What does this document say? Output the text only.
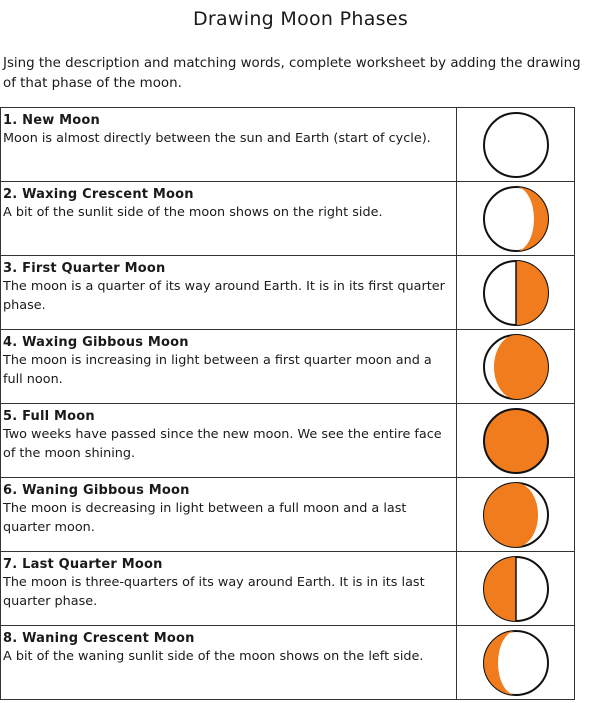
Drawing Moon Phases
Jsing the description and matching words, complete worksheet by adding the drawing of that phase of the moon.
1. New Moon
Moon is almost directly between the sun and Earth (start of cycle).

2. Waxing Crescent Moon
A bit of the sunlit side of the moon shows on the right side.

3. First Quarter Moon
The moon is a quarter of its way around Earth. It is in its first quarter phase.

4. Waxing Gibbous Moon
The moon is increasing in light between a first quarter moon and a full noon.

5. Full Moon
Two weeks have passed since the new moon. We see the entire face of the moon shining.

6. Waning Gibbous Moon
The moon is decreasing in light between a full moon and a last quarter moon.

7. Last Quarter Moon
The moon is three-quarters of its way around Earth. It is in its last quarter phase.

8. Waning Crescent Moon
A bit of the waning sunlit side of the moon shows on the left side.
